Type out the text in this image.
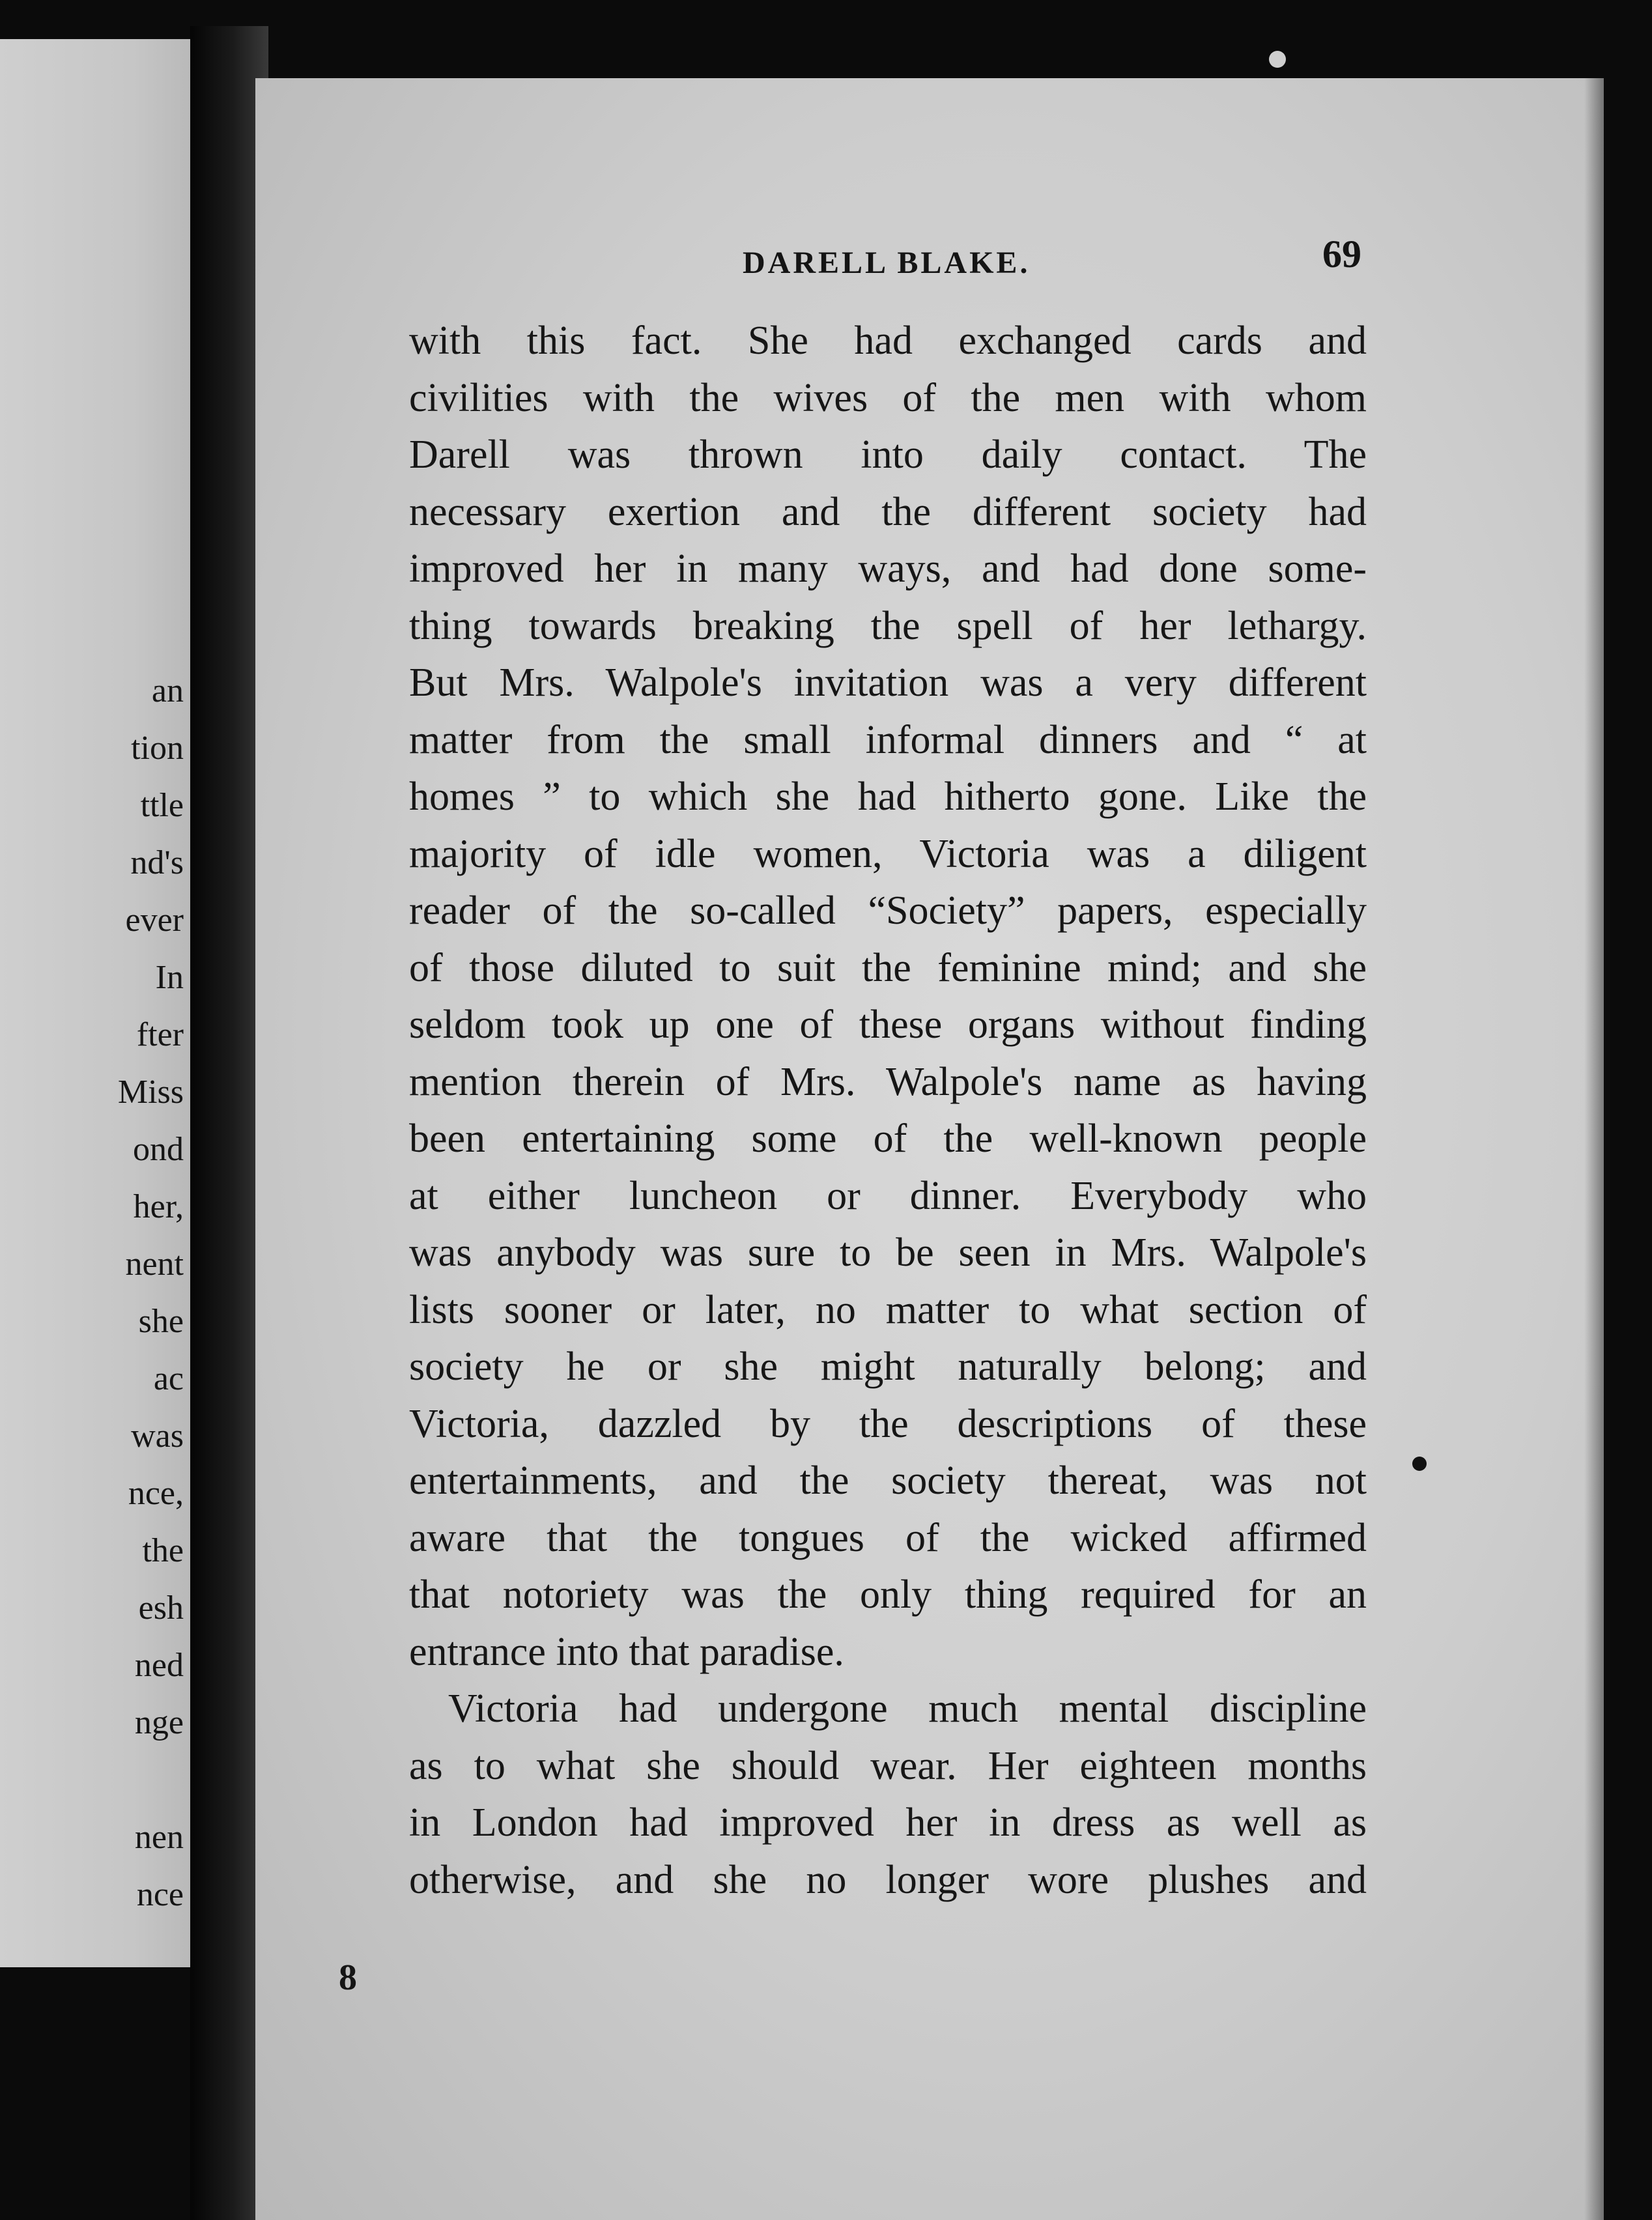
an
tion
ttle
nd's
ever
In
fter
Miss
ond
her,
nent
she
ac
was
nce,
the
esh
ned
nge
nen
nce
DARELL BLAKE.	69
with this fact. She had exchanged cards and
civilities with the wives of the men with whom
Darell was thrown into daily contact. The
necessary exertion and the different society had
improved her in many ways, and had done some-
thing towards breaking the spell of her lethargy.
But Mrs. Walpole's invitation was a very different
matter from the small informal dinners and “ at
homes ” to which she had hitherto gone. Like the
majority of idle women, Victoria was a diligent
reader of the so-called “Society” papers, especially
of those diluted to suit the feminine mind; and she
seldom took up one of these organs without finding
mention therein of Mrs. Walpole's name as having
been entertaining some of the well-known people
at either luncheon or dinner. Everybody who
was anybody was sure to be seen in Mrs. Walpole's
lists sooner or later, no matter to what section of
society he or she might naturally belong; and
Victoria, dazzled by the descriptions of these
entertainments, and the society thereat, was not
aware that the tongues of the wicked affirmed
that notoriety was the only thing required for an
entrance into that paradise.
Victoria had undergone much mental discipline
as to what she should wear. Her eighteen months
in London had improved her in dress as well as
otherwise, and she no longer wore plushes and
8
